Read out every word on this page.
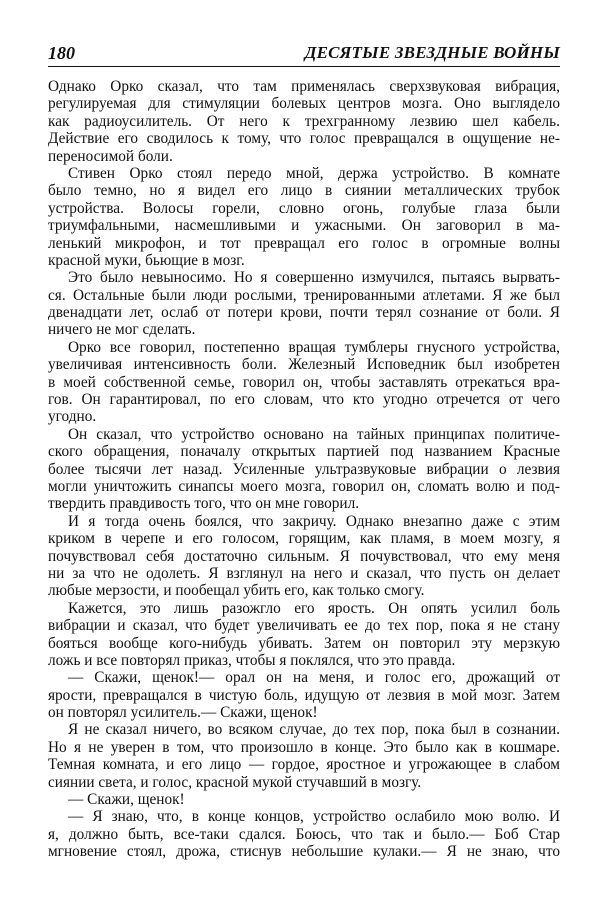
180	ДЕСЯТЫЕ ЗВЕЗДНЫЕ ВОЙНЫ
Однако Орко сказал, что там применялась сверхзвуковая вибрация,
регулируемая для стимуляции болевых центров мозга. Оно выглядело
как радиоусилитель. От него к трехгранному лезвию шел кабель.
Действие его сводилось к тому, что голос превращался в ощущение не-
переносимой боли.
Стивен Орко стоял передо мной, держа устройство. В комнате
было темно, но я видел его лицо в сиянии металлических трубок
устройства. Волосы горели, словно огонь, голубые глаза были
триумфальными, насмешливыми и ужасными. Он заговорил в ма-
ленький микрофон, и тот превращал его голос в огромные волны
красной муки, бьющие в мозг.
Это было невыносимо. Но я совершенно измучился, пытаясь вырвать-
ся. Остальные были люди рослыми, тренированными атлетами. Я же был
двенадцати лет, ослаб от потери крови, почти терял сознание от боли. Я
ничего не мог сделать.
Орко все говорил, постепенно вращая тумблеры гнусного устройства,
увеличивая интенсивность боли. Железный Исповедник был изобретен
в моей собственной семье, говорил он, чтобы заставлять отрекаться вра-
гов. Он гарантировал, по его словам, что кто угодно отречется от чего
угодно.
Он сказал, что устройство основано на тайных принципах политиче-
ского обращения, поначалу открытых партией под названием Красные
более тысячи лет назад. Усиленные ультразвуковые вибрации о лезвия
могли уничтожить синапсы моего мозга, говорил он, сломать волю и под-
твердить правдивость того, что он мне говорил.
И я тогда очень боялся, что закричу. Однако внезапно даже с этим
криком в черепе и его голосом, горящим, как пламя, в моем мозгу, я
почувствовал себя достаточно сильным. Я почувствовал, что ему меня
ни за что не одолеть. Я взглянул на него и сказал, что пусть он делает
любые мерзости, и пообещал убить его, как только смогу.
Кажется, это лишь разожгло его ярость. Он опять усилил боль
вибрации и сказал, что будет увеличивать ее до тех пор, пока я не стану
бояться вообще кого-нибудь убивать. Затем он повторил эту мерзкую
ложь и все повторял приказ, чтобы я поклялся, что это правда.
— Скажи, щенок!— орал он на меня, и голос его, дрожащий от
ярости, превращался в чистую боль, идущую от лезвия в мой мозг. Затем
он повторял усилитель.— Скажи, щенок!
Я не сказал ничего, во всяком случае, до тех пор, пока был в сознании.
Но я не уверен в том, что произошло в конце. Это было как в кошмаре.
Темная комната, и его лицо — гордое, яростное и угрожающее в слабом
сиянии света, и голос, красной мукой стучавший в мозгу.
— Скажи, щенок!
— Я знаю, что, в конце концов, устройство ослабило мою волю. И
я, должно быть, все-таки сдался. Боюсь, что так и было.— Боб Стар
мгновение стоял, дрожа, стиснув небольшие кулаки.— Я не знаю, что
